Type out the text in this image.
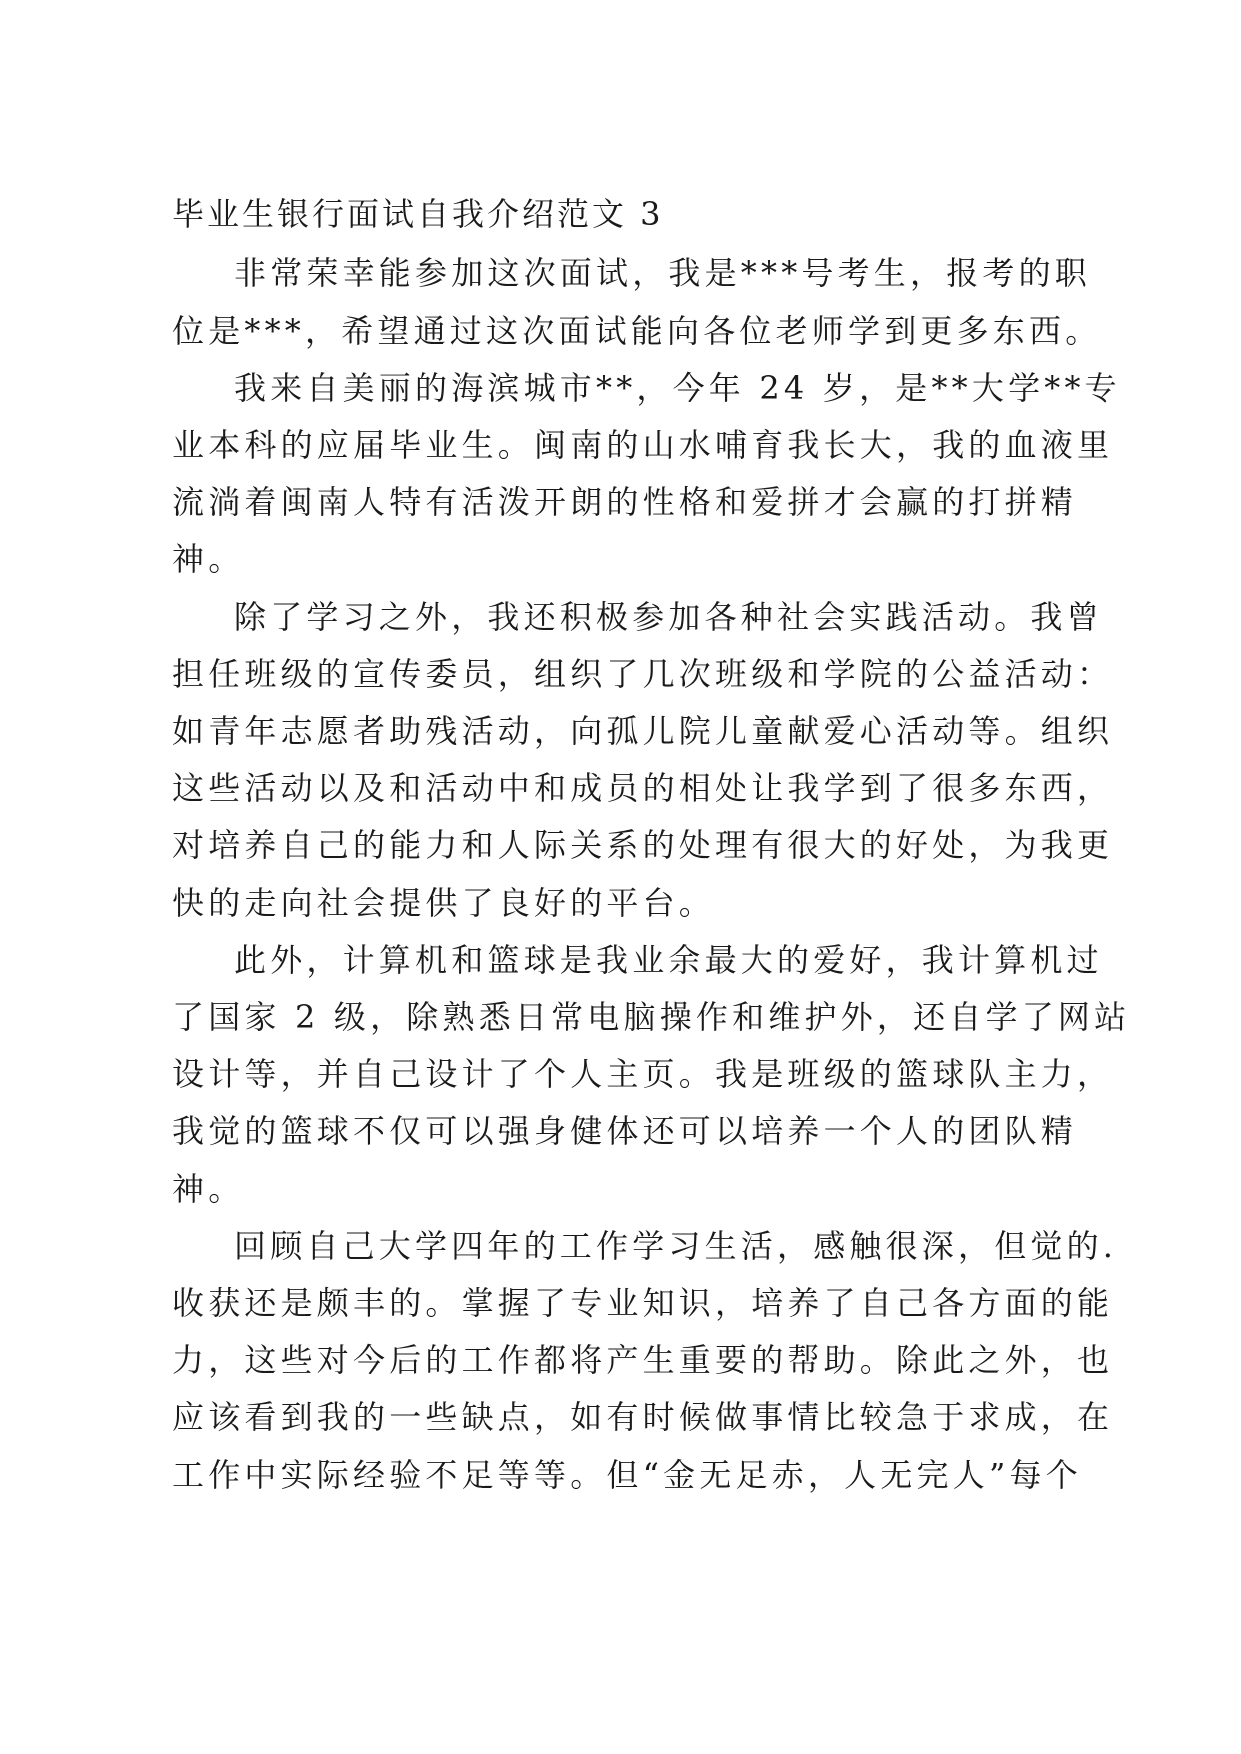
毕业生银行面试自我介绍范文 3
非常荣幸能参加这次面试，我是***号考生，报考的职
位是***，希望通过这次面试能向各位老师学到更多东西。
我来自美丽的海滨城市**，今年 24 岁，是**大学**专
业本科的应届毕业生。闽南的山水哺育我长大，我的血液里
流淌着闽南人特有活泼开朗的性格和爱拼才会赢的打拼精
神。
除了学习之外，我还积极参加各种社会实践活动。我曾
担任班级的宣传委员，组织了几次班级和学院的公益活动：
如青年志愿者助残活动，向孤儿院儿童献爱心活动等。组织
这些活动以及和活动中和成员的相处让我学到了很多东西，
对培养自己的能力和人际关系的处理有很大的好处，为我更
快的走向社会提供了良好的平台。
此外，计算机和篮球是我业余最大的爱好，我计算机过
了国家 2 级，除熟悉日常电脑操作和维护外，还自学了网站
设计等，并自己设计了个人主页。我是班级的篮球队主力，
我觉的篮球不仅可以强身健体还可以培养一个人的团队精
神。
回顾自己大学四年的工作学习生活，感触很深，但觉的.
收获还是颇丰的。掌握了专业知识，培养了自己各方面的能
力，这些对今后的工作都将产生重要的帮助。除此之外，也
应该看到我的一些缺点，如有时候做事情比较急于求成，在
工作中实际经验不足等等。但“金无足赤，人无完人”每个
